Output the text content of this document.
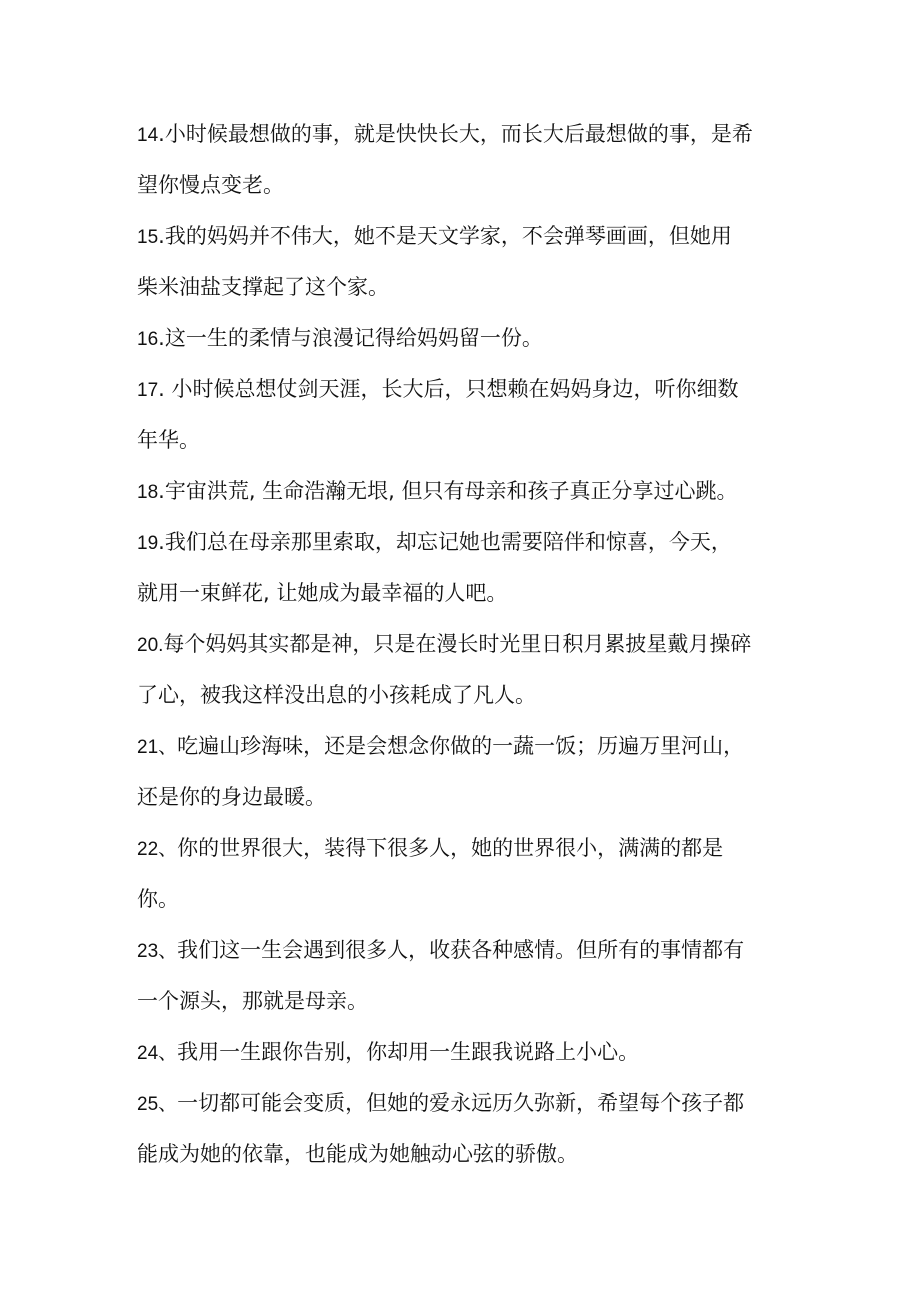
14.小时候最想做的事，就是快快长大，而长大后最想做的事，是希
望你慢点变老。
15.我的妈妈并不伟大，她不是天文学家，不会弹琴画画，但她用
柴米油盐支撑起了这个家。
16.这一生的柔情与浪漫记得给妈妈留一份。
17. 小时候总想仗剑天涯，长大后，只想赖在妈妈身边，听你细数
年华。
18.宇宙洪荒, 生命浩瀚无垠, 但只有母亲和孩子真正分享过心跳。
19.我们总在母亲那里索取，却忘记她也需要陪伴和惊喜，今天，
就用一束鲜花, 让她成为最幸福的人吧。
20.每个妈妈其实都是神，只是在漫长时光里日积月累披星戴月操碎
了心，被我这样没出息的小孩耗成了凡人。
21、吃遍山珍海味，还是会想念你做的一蔬一饭；历遍万里河山，
还是你的身边最暖。
22、你的世界很大，装得下很多人，她的世界很小，满满的都是
你。
23、我们这一生会遇到很多人，收获各种感情。但所有的事情都有
一个源头，那就是母亲。
24、我用一生跟你告别，你却用一生跟我说路上小心。
25、一切都可能会变质，但她的爱永远历久弥新，希望每个孩子都
能成为她的依靠，也能成为她触动心弦的骄傲。
